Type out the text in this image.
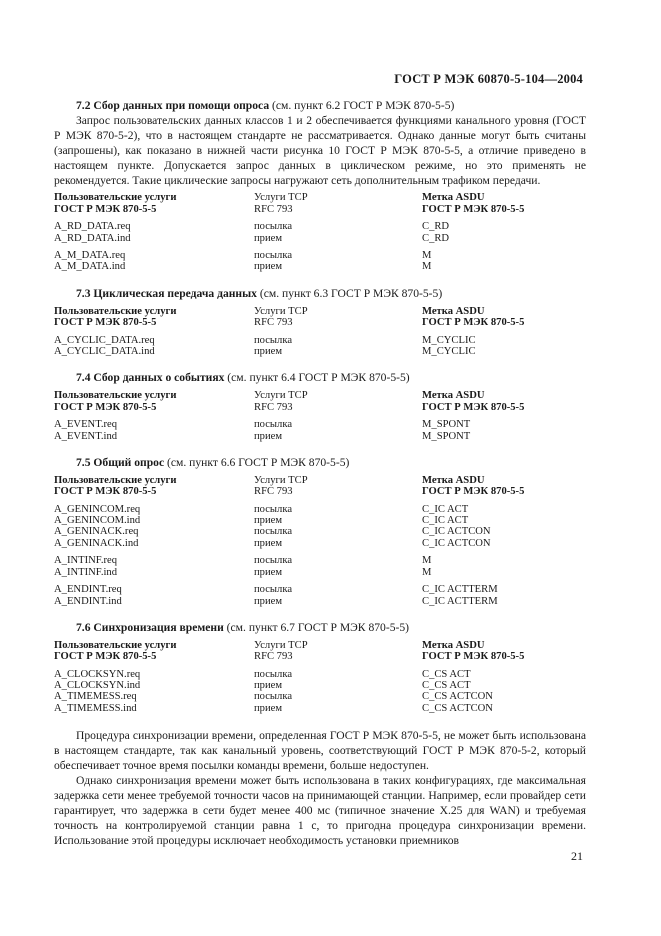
ГОСТ Р МЭК 60870-5-104—2004
7.2 Сбор данных при помощи опроса (см. пункт 6.2 ГОСТ Р МЭК 870-5-5)

Запрос пользовательских данных классов 1 и 2 обеспечивается функциями канального уровня (ГОСТ Р МЭК 870-5-2), что в настоящем стандарте не рассматривается. Однако данные могут быть считаны (запрошены), как показано в нижней части рисунка 10 ГОСТ Р МЭК 870-5-5, а отличие приведено в настоящем пункте. Допускается запрос данных в циклическом режиме, но это применять не рекомендуется. Такие циклические запросы нагружают сеть дополнительным трафиком передачи.

Пользовательские услуги	Услуги TCP	Метка ASDU
ГОСТ Р МЭК 870-5-5	RFC 793	ГОСТ Р МЭК 870-5-5
A_RD_DATA.req	посылка	C_RD
A_RD_DATA.ind	прием	C_RD
A_M_DATA.req	посылка	M
A_M_DATA.ind	прием	M
7.3 Циклическая передача данных (см. пункт 6.3 ГОСТ Р МЭК 870-5-5)
Пользовательские услуги	Услуги TCP	Метка ASDU
ГОСТ Р МЭК 870-5-5	RFC 793	ГОСТ Р МЭК 870-5-5
A_CYCLIC_DATA.req	посылка	M_CYCLIC
A_CYCLIC_DATA.ind	прием	M_CYCLIC
7.4 Сбор данных о событиях (см. пункт 6.4 ГОСТ Р МЭК 870-5-5)
Пользовательские услуги	Услуги TCP	Метка ASDU
ГОСТ Р МЭК 870-5-5	RFC 793	ГОСТ Р МЭК 870-5-5
A_EVENT.req	посылка	M_SPONT
A_EVENT.ind	прием	M_SPONT
7.5 Общий опрос (см. пункт 6.6 ГОСТ Р МЭК 870-5-5)
Пользовательские услуги	Услуги TCP	Метка ASDU
ГОСТ Р МЭК 870-5-5	RFC 793	ГОСТ Р МЭК 870-5-5
A_GENINCOM.req	посылка	C_IC ACT
A_GENINCOM.ind	прием	C_IC ACT
A_GENINACK.req	посылка	C_IC ACTCON
A_GENINACK.ind	прием	C_IC ACTCON
A_INTINF.req	посылка	M
A_INTINF.ind	прием	M
A_ENDINT.req	посылка	C_IC ACTTERM
A_ENDINT.ind	прием	C_IC ACTTERM
7.6 Синхронизация времени (см. пункт 6.7 ГОСТ Р МЭК 870-5-5)
Пользовательские услуги	Услуги TCP	Метка ASDU
ГОСТ Р МЭК 870-5-5	RFC 793	ГОСТ Р МЭК 870-5-5
A_CLOCKSYN.req	посылка	C_CS ACT
A_CLOCKSYN.ind	прием	C_CS ACT
A_TIMEMESS.req	посылка	C_CS ACTCON
A_TIMEMESS.ind	прием	C_CS ACTCON

Процедура синхронизации времени, определенная ГОСТ Р МЭК 870-5-5, не может быть использована в настоящем стандарте, так как канальный уровень, соответствующий ГОСТ Р МЭК 870-5-2, который обеспечивает точное время посылки команды времени, больше недоступен.

Однако синхронизация времени может быть использована в таких конфигурациях, где максимальная задержка сети менее требуемой точности часов на принимающей станции. Например, если провайдер сети гарантирует, что задержка в сети будет менее 400 мс (типичное значение X.25 для WAN) и требуемая точность на контролируемой станции равна 1 с, то пригодна процедура синхронизации времени. Использование этой процедуры исключает необходимость установки приемников

21
